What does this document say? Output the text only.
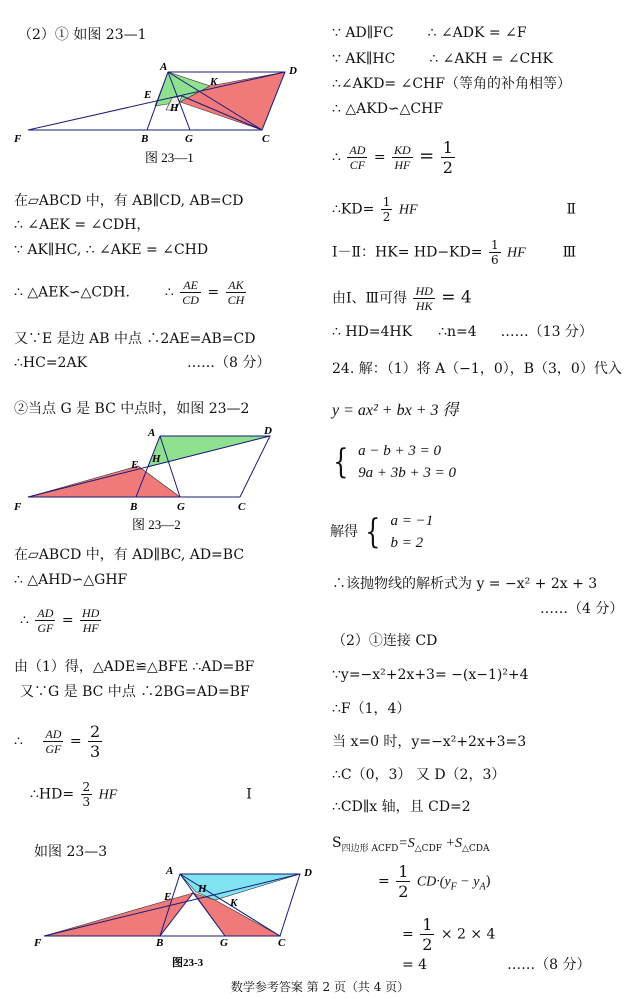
（2）① 如图 23—1
A	D
K
E
H
F	B	G	C
图 23—1
在▱ABCD 中，有 AB∥CD, AB=CD
∴ ∠AEK = ∠CDH，
∵ AK∥HC, ∴ ∠AKE = ∠CHD
∴ △AEK∽△CDH. ∴ $\frac{AE}{CD} = \frac{AK}{CH}$
又∵E 是边 AB 中点 ∴2AE=AB=CD
∴HC=2AK	……（8 分）
②当点 G 是 BC 中点时，如图 23—2
A	D
E H
F	B	G	C
图 23—2
在▱ABCD 中，有 AD∥BC, AD=BC
∴ △AHD∽△GHF
∴ $\frac{AD}{GF} = \frac{HD}{HF}$
由（1）得，△ADE≌△BFE ∴AD=BF
又∵G 是 BC 中点 ∴2BG=AD=BF
∴ $\frac{AD}{GF} = \frac{2}{3}$
∴HD= $\frac{2}{3}$ HF	Ⅰ
如图 23—3
A	D
K
E
H
F	B	G	C
图23-3
∵ AD∥FC ∴ ∠ADK = ∠F
∵ AK∥HC ∴ ∠AKH = ∠CHK
∴∠AKD= ∠CHF（等角的补角相等）
∴ △AKD∽△CHF
∴ $\frac{AD}{CF} = \frac{KD}{HF} = \frac{1}{2}$
∴KD= $\frac{1}{2}$ HF	Ⅱ
Ⅰ－Ⅱ：$HK= HD-KD= \frac{1}{6}$ HF	Ⅲ
由Ⅰ、Ⅲ可得 $\frac{HD}{HK} = 4$
∴ HD=4HK ∴n=4 ……（13 分）
24. 解：（1）将 A（−1，0），B（3，0）代入
y = ax² + bx + 3 得
{ a − b + 3 = 0
9a + 3b + 3 = 0
解得 { a = −1
b = 2
∴该抛物线的解析式为 y = −x² + 2x + 3
……（4 分）
（2）①连接 CD
∵y=−x²+2x+3= −(x−1)²+4
∴F（1，4）
当 x=0 时，y=−x²+2x+3=3
∴C（0，3） 又 D（2，3）
∴CD∥x 轴，且 CD=2
$S_{四边形 ACFD}=S_{\triangle CDF} +S_{\triangle CDA}$
= $\frac{1}{2} CD\cdot(y_F - y_A)$
= $\frac{1}{2} \times 2 \times 4$
= 4	……（8 分）
数学参考答案 第 2 页（共 4 页）
